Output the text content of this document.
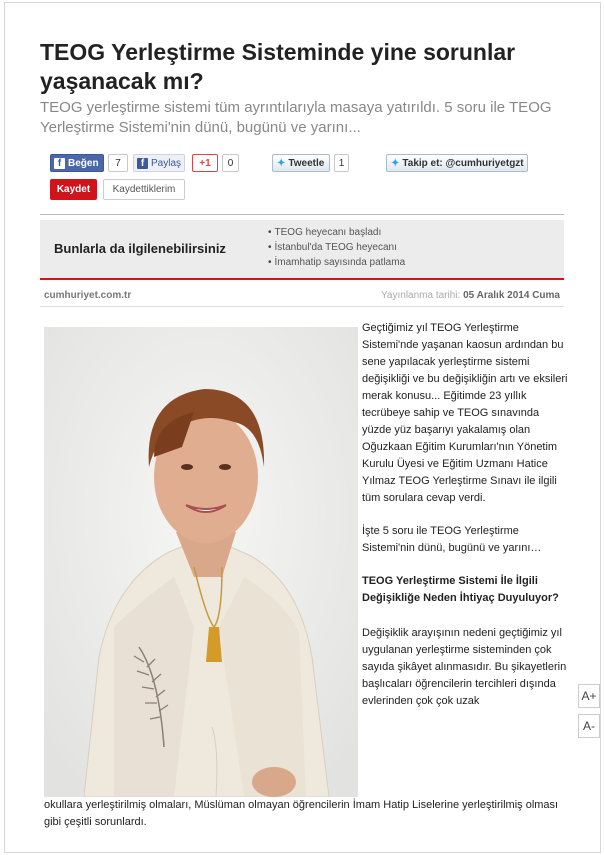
TEOG Yerleştirme Sisteminde yine sorunlar yaşanacak mı?

TEOG yerleştirme sistemi tüm ayrıntılarıyla masaya yatırıldı. 5 soru ile TEOG Yerleştirme Sistemi'nin dünü, bugünü ve yarını...

f Beğen	7	f Paylaş +1	0	✦ Tweetle	1	✦ Takip et: @cumhuriyetgzt
Kaydet	Kaydettiklerim
Bunlarla da ilgilenebilirsiniz
• TEOG heyecanı başladı
• İstanbul'da TEOG heyecanı
• İmamhatip sayısında patlama
cumhuriyet.com.tr	Yayınlanma tarihi: 05 Aralık 2014 Cuma

Geçtiğimiz yıl TEOG Yerleştirme Sistemi'nde yaşanan kaosun ardından bu sene yapılacak yerleştirme sistemi değişikliği ve bu değişikliğin artı ve eksileri merak konusu... Eğitimde 23 yıllık tecrübeye sahip ve TEOG sınavında yüzde yüz başarıyı yakalamış olan Oğuzkaan Eğitim Kurumları'nın Yönetim Kurulu Üyesi ve Eğitim Uzmanı Hatice Yılmaz TEOG Yerleştirme Sınavı ile ilgili tüm sorulara cevap verdi.

İşte 5 soru ile TEOG Yerleştirme Sistemi'nin dünü, bugünü ve yarını…

TEOG Yerleştirme Sistemi İle İlgili Değişikliğe Neden İhtiyaç Duyuluyor?

Değişiklik arayışının nedeni geçtiğimiz yıl uygulanan yerleştirme sisteminden çok sayıda şikâyet alınmasıdır. Bu şikayetlerin başlıcaları öğrencilerin tercihleri dışında evlerinden çok çok uzak

okullara yerleştirilmiş olmaları, Müslüman olmayan öğrencilerin İmam Hatip Liselerine yerleştirilmiş olması gibi çeşitli sorunlardı.

A+
A-
